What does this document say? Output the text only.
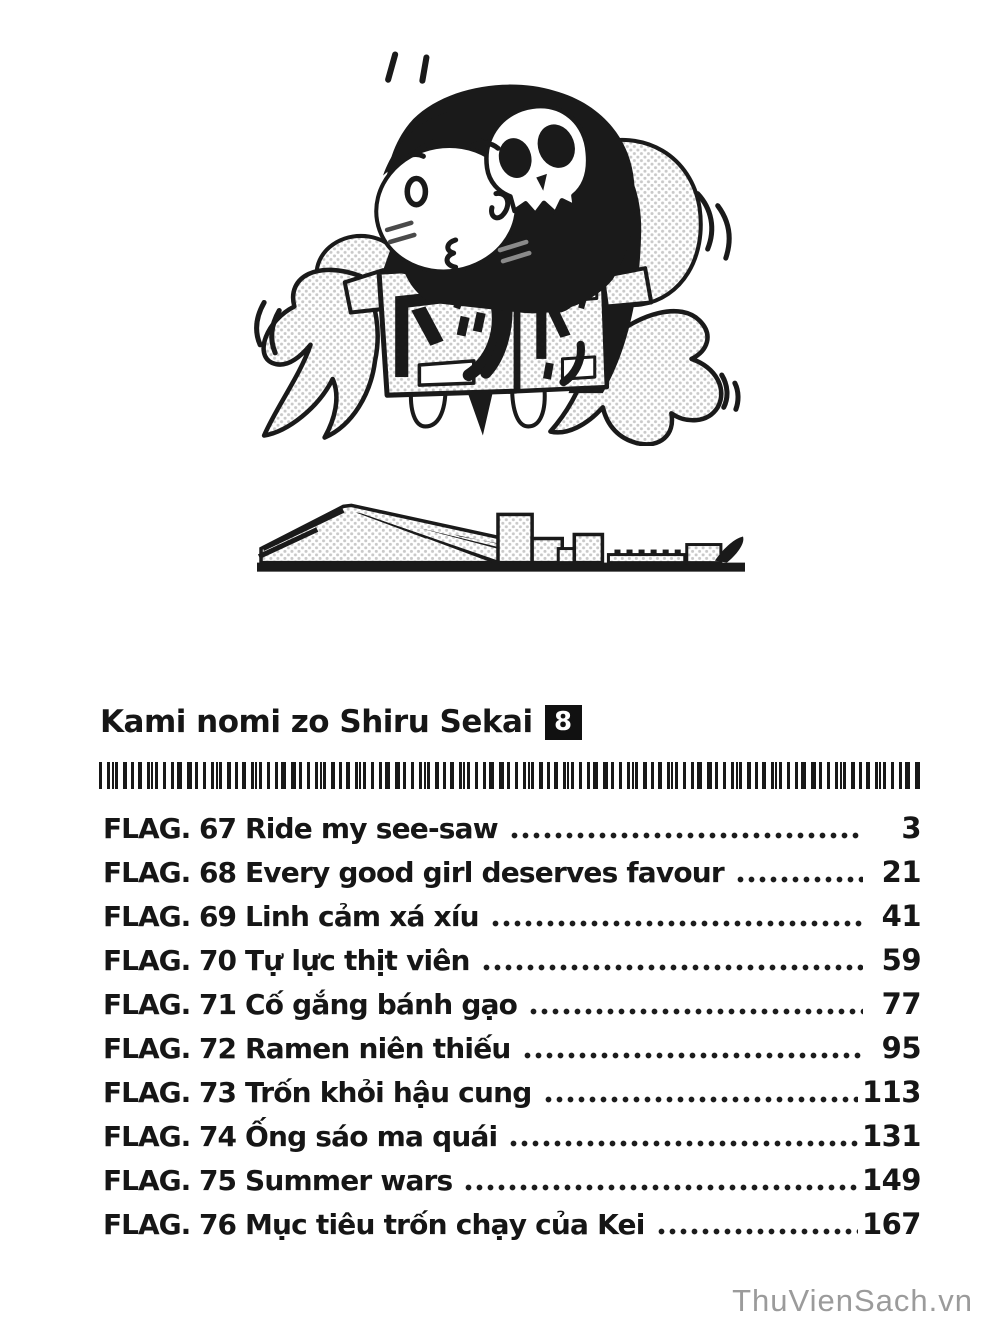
Kami nomi zo Shiru Sekai 8
FLAG. 67 Ride my see-saw	3
FLAG. 68 Every good girl deserves favour	21
FLAG. 69 Linh cảm xá xíu	41
FLAG. 70 Tự lực thịt viên	59
FLAG. 71 Cố gắng bánh gạo	77
FLAG. 72 Ramen niên thiếu	95
FLAG. 73 Trốn khỏi hậu cung	113
FLAG. 74 Ống sáo ma quái	131
FLAG. 75 Summer wars	149
FLAG. 76 Mục tiêu trốn chạy của Kei	167
ThuVienSach.vn
